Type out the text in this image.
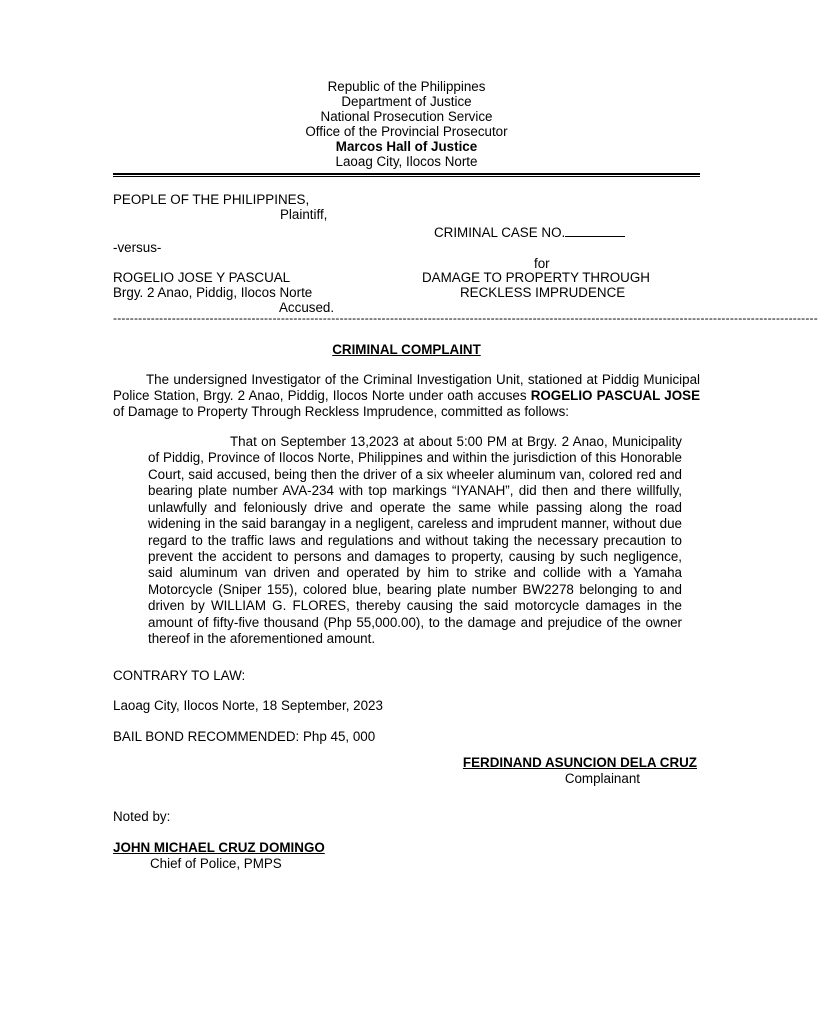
Republic of the Philippines
Department of Justice
National Prosecution Service
Office of the Provincial Prosecutor
Marcos Hall of Justice
Laoag City, Ilocos Norte
PEOPLE OF THE PHILIPPINES,
Plaintiff,
CRIMINAL CASE NO.
-versus-
for
ROGELIO JOSE Y PASCUAL	DAMAGE TO PROPERTY THROUGH
Brgy. 2 Anao, Piddig, Ilocos Norte	RECKLESS IMPRUDENCE
Accused.
------------------------------------------------------------------------------------------------------------------------------------------------------------------------
CRIMINAL COMPLAINT
The undersigned Investigator of the Criminal Investigation Unit, stationed at Piddig Municipal Police Station, Brgy. 2 Anao, Piddig, Ilocos Norte under oath accuses ROGELIO PASCUAL JOSE of Damage to Property Through Reckless Imprudence, committed as follows:
That on September 13,2023 at about 5:00 PM at Brgy. 2 Anao, Municipality of Piddig, Province of Ilocos Norte, Philippines and within the jurisdiction of this Honorable Court, said accused, being then the driver of a six wheeler aluminum van, colored red and bearing plate number AVA-234 with top markings “IYANAH”, did then and there willfully, unlawfully and feloniously drive and operate the same while passing along the road widening in the said barangay in a negligent, careless and imprudent manner, without due regard to the traffic laws and regulations and without taking the necessary precaution to prevent the accident to persons and damages to property, causing by such negligence, said aluminum van driven and operated by him to strike and collide with a Yamaha Motorcycle (Sniper 155), colored blue, bearing plate number BW2278 belonging to and driven by WILLIAM G. FLORES, thereby causing the said motorcycle damages in the amount of fifty-five thousand (Php 55,000.00), to the damage and prejudice of the owner thereof in the aforementioned amount.
CONTRARY TO LAW:
Laoag City, Ilocos Norte, 18 September, 2023
BAIL BOND RECOMMENDED: Php 45, 000
FERDINAND ASUNCION DELA CRUZ
Complainant
Noted by:
JOHN MICHAEL CRUZ DOMINGO
Chief of Police, PMPS
